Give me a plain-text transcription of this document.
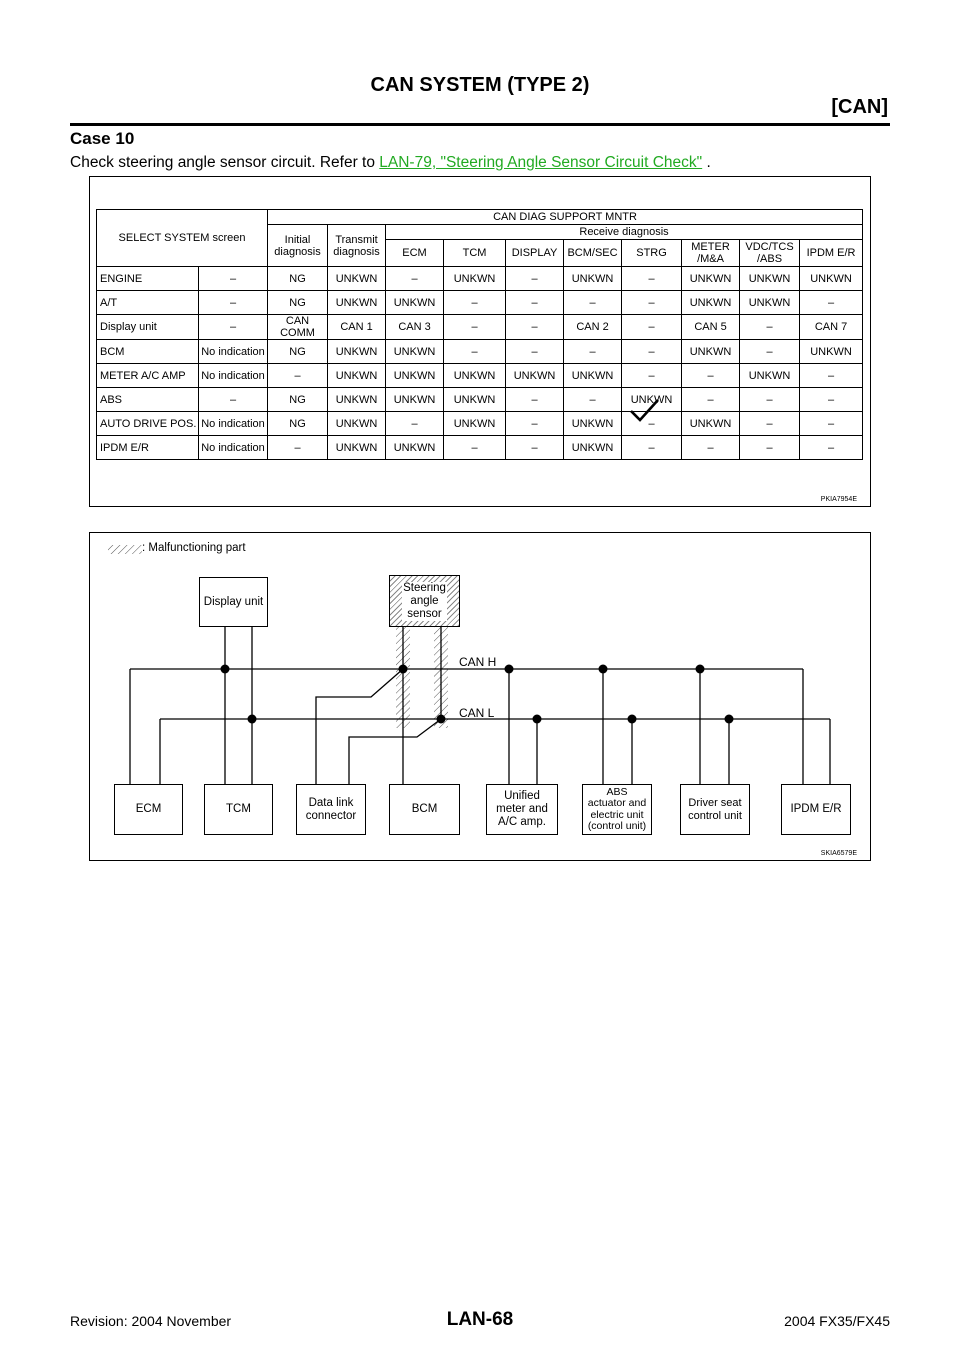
CAN SYSTEM (TYPE 2)
[CAN]
Case 10
Check steering angle sensor circuit. Refer to LAN-79, "Steering Angle Sensor Circuit Check" .
SELECT SYSTEM screen		CAN DIAG SUPPORT MNTR									
		Initial diagnosis	Transmit diagnosis	Receive diagnosis							
				ECM	TCM	DISPLAY	BCM/SEC	STRG	METER /M&A	VDC/TCS /ABS	IPDM E/R
ENGINE	–	NG	UNKWN	–	UNKWN	–	UNKWN	–	UNKWN	UNKWN	UNKWN
A/T	–	NG	UNKWN	UNKWN	–	–	–	–	UNKWN	UNKWN	–
Display unit	–	CAN COMM	CAN 1	CAN 3	–	–	CAN 2	–	CAN 5	–	CAN 7
BCM	No indication	NG	UNKWN	UNKWN	–	–	–	–	UNKWN	–	UNKWN
METER A/C AMP	No indication	–	UNKWN	UNKWN	UNKWN	UNKWN	UNKWN	–	–	UNKWN	–
ABS	–	NG	UNKWN	UNKWN	UNKWN	–	–	UNKWN	–	–	–
AUTO DRIVE POS.	No indication	NG	UNKWN	–	UNKWN	–	UNKWN	–	UNKWN	–	–
IPDM E/R	No indication	–	UNKWN	UNKWN	–	–	UNKWN	–	–	–	–
PKIA7954E
: Malfunctioning part
CAN H
CAN L
Display unit
Steering
angle
sensor
ECM	TCM
Data link
connector
BCM
Unified
meter and
A/C amp.
ABS
actuator and
electric unit
(control unit)
Driver seat
control unit
IPDM E/R
SKIA6579E
Revision: 2004 November	LAN-68	2004 FX35/FX45
